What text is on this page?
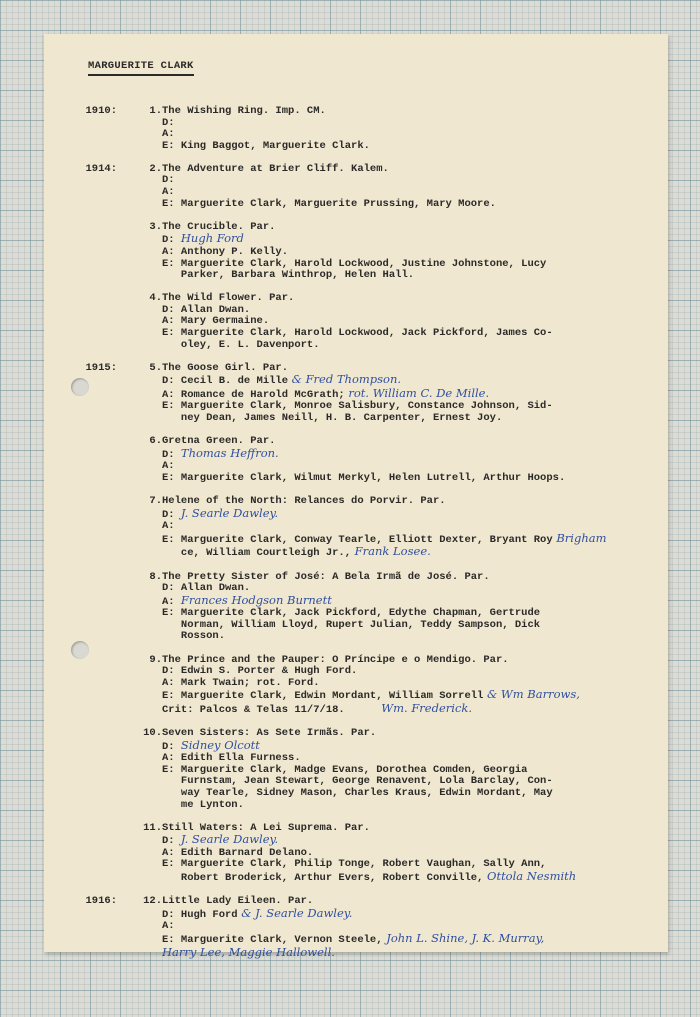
MARGUERITE CLARK
1910:	1. The Wishing Ring. Imp. CM.
D:
A:
E: King Baggot, Marguerite Clark.
1914:	2. The Adventure at Brier Cliff. Kalem.
D:
A:
E: Marguerite Clark, Marguerite Prussing, Mary Moore.
3. The Crucible. Par.
D: Hugh Ford
A: Anthony P. Kelly.
E: Marguerite Clark, Harold Lockwood, Justine Johnstone, Lucy
Parker, Barbara Winthrop, Helen Hall.
4. The Wild Flower. Par.
D: Allan Dwan.
A: Mary Germaine.
E: Marguerite Clark, Harold Lockwood, Jack Pickford, James Co-
oley, E. L. Davenport.
1915:	5. The Goose Girl. Par.
D: Cecil B. de Mille & Fred Thompson.
A: Romance de Harold McGrath; rot. William C. De Mille.
E: Marguerite Clark, Monroe Salisbury, Constance Johnson, Sid-
ney Dean, James Neill, H. B. Carpenter, Ernest Joy.
6. Gretna Green. Par.
D: Thomas Heffron.
A:
E: Marguerite Clark, Wilmut Merkyl, Helen Lutrell, Arthur Hoops.
7. Helene of the North: Relances do Porvir. Par.
D: J. Searle Dawley.
A:
E: Marguerite Clark, Conway Tearle, Elliott Dexter, Bryant Roy Brigham
ce, William Courtleigh Jr., Frank Losee.
8. The Pretty Sister of José: A Bela Irmã de José. Par.
D: Allan Dwan.
A: Frances Hodgson Burnett
E: Marguerite Clark, Jack Pickford, Edythe Chapman, Gertrude
Norman, William Lloyd, Rupert Julian, Teddy Sampson, Dick
Rosson.
9. The Prince and the Pauper: O Príncipe e o Mendigo. Par.
D: Edwin S. Porter & Hugh Ford.
A: Mark Twain; rot. Ford.
E: Marguerite Clark, Edwin Mordant, William Sorrell & Wm Barrows,
Crit: Palcos & Telas 11/7/18.          Wm. Frederick.
10. Seven Sisters: As Sete Irmãs. Par.
D: Sidney Olcott
A: Edith Ella Furness.
E: Marguerite Clark, Madge Evans, Dorothea Comden, Georgia
Furnstam, Jean Stewart, George Renavent, Lola Barclay, Con-
way Tearle, Sidney Mason, Charles Kraus, Edwin Mordant, May
me Lynton.
11. Still Waters: A Lei Suprema. Par.
D: J. Searle Dawley.
A: Edith Barnard Delano.
E: Marguerite Clark, Philip Tonge, Robert Vaughan, Sally Ann,
Robert Broderick, Arthur Evers, Robert Conville, Ottola Nesmith
1916:	12. Little Lady Eileen. Par.
D: Hugh Ford & J. Searle Dawley.
A:
E: Marguerite Clark, Vernon Steele, John L. Shine, J. K. Murray,
Harry Lee, Maggie Hallowell.
